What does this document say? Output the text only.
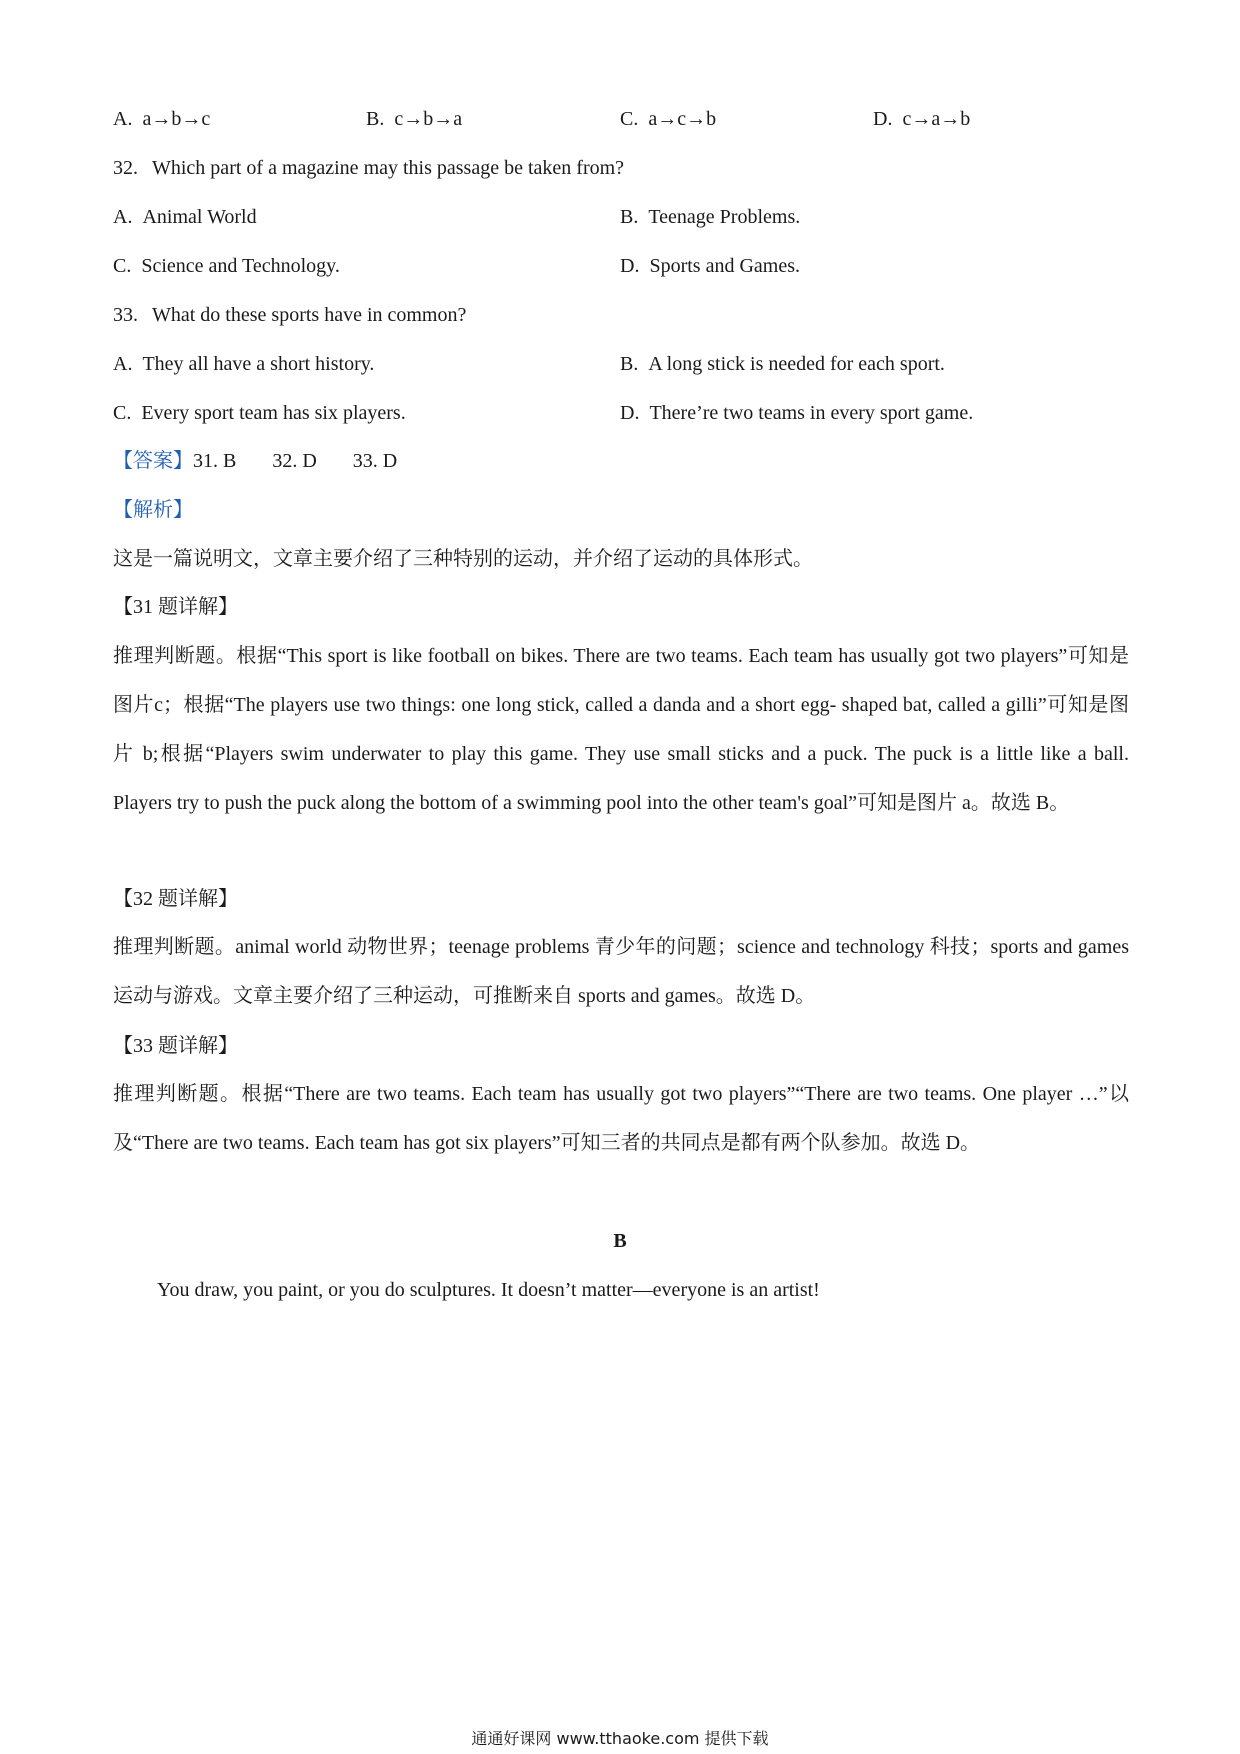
A. a→b→c	B. c→b→a	C. a→c→b	D. c→a→b
32. Which part of a magazine may this passage be taken from?
A. Animal World	B. Teenage Problems.
C. Science and Technology.	D. Sports and Games.
33. What do these sports have in common?
A. They all have a short history.	B. A long stick is needed for each sport.
C. Every sport team has six players.	D. There’re two teams in every sport game.
【答案】31. B 32. D 33. D
【解析】
这是一篇说明文，文章主要介绍了三种特别的运动，并介绍了运动的具体形式。
【31 题详解】
推理判断题。根据“This sport is like football on bikes. There are two teams. Each team has usually got two players”可知是图片c；根据“The players use two things: one long stick, called a danda and a short egg- shaped bat, called a gilli”可知是图片 b;根据“Players swim underwater to play this game. They use small sticks and a puck. The puck is a little like a ball. Players try to push the puck along the bottom of a swimming pool into the other team's goal”可知是图片 a。故选 B。
【32 题详解】
推理判断题。animal world 动物世界；teenage problems 青少年的问题；science and technology 科技；sports and games 运动与游戏。文章主要介绍了三种运动，可推断来自 sports and games。故选 D。
【33 题详解】
推理判断题。根据“There are two teams. Each team has usually got two players”“There are two teams. One player …”以及“There are two teams. Each team has got six players”可知三者的共同点是都有两个队参加。故选 D。
B
You draw, you paint, or you do sculptures. It doesn’t matter—everyone is an artist!
通通好课网 www.tthaoke.com 提供下载
